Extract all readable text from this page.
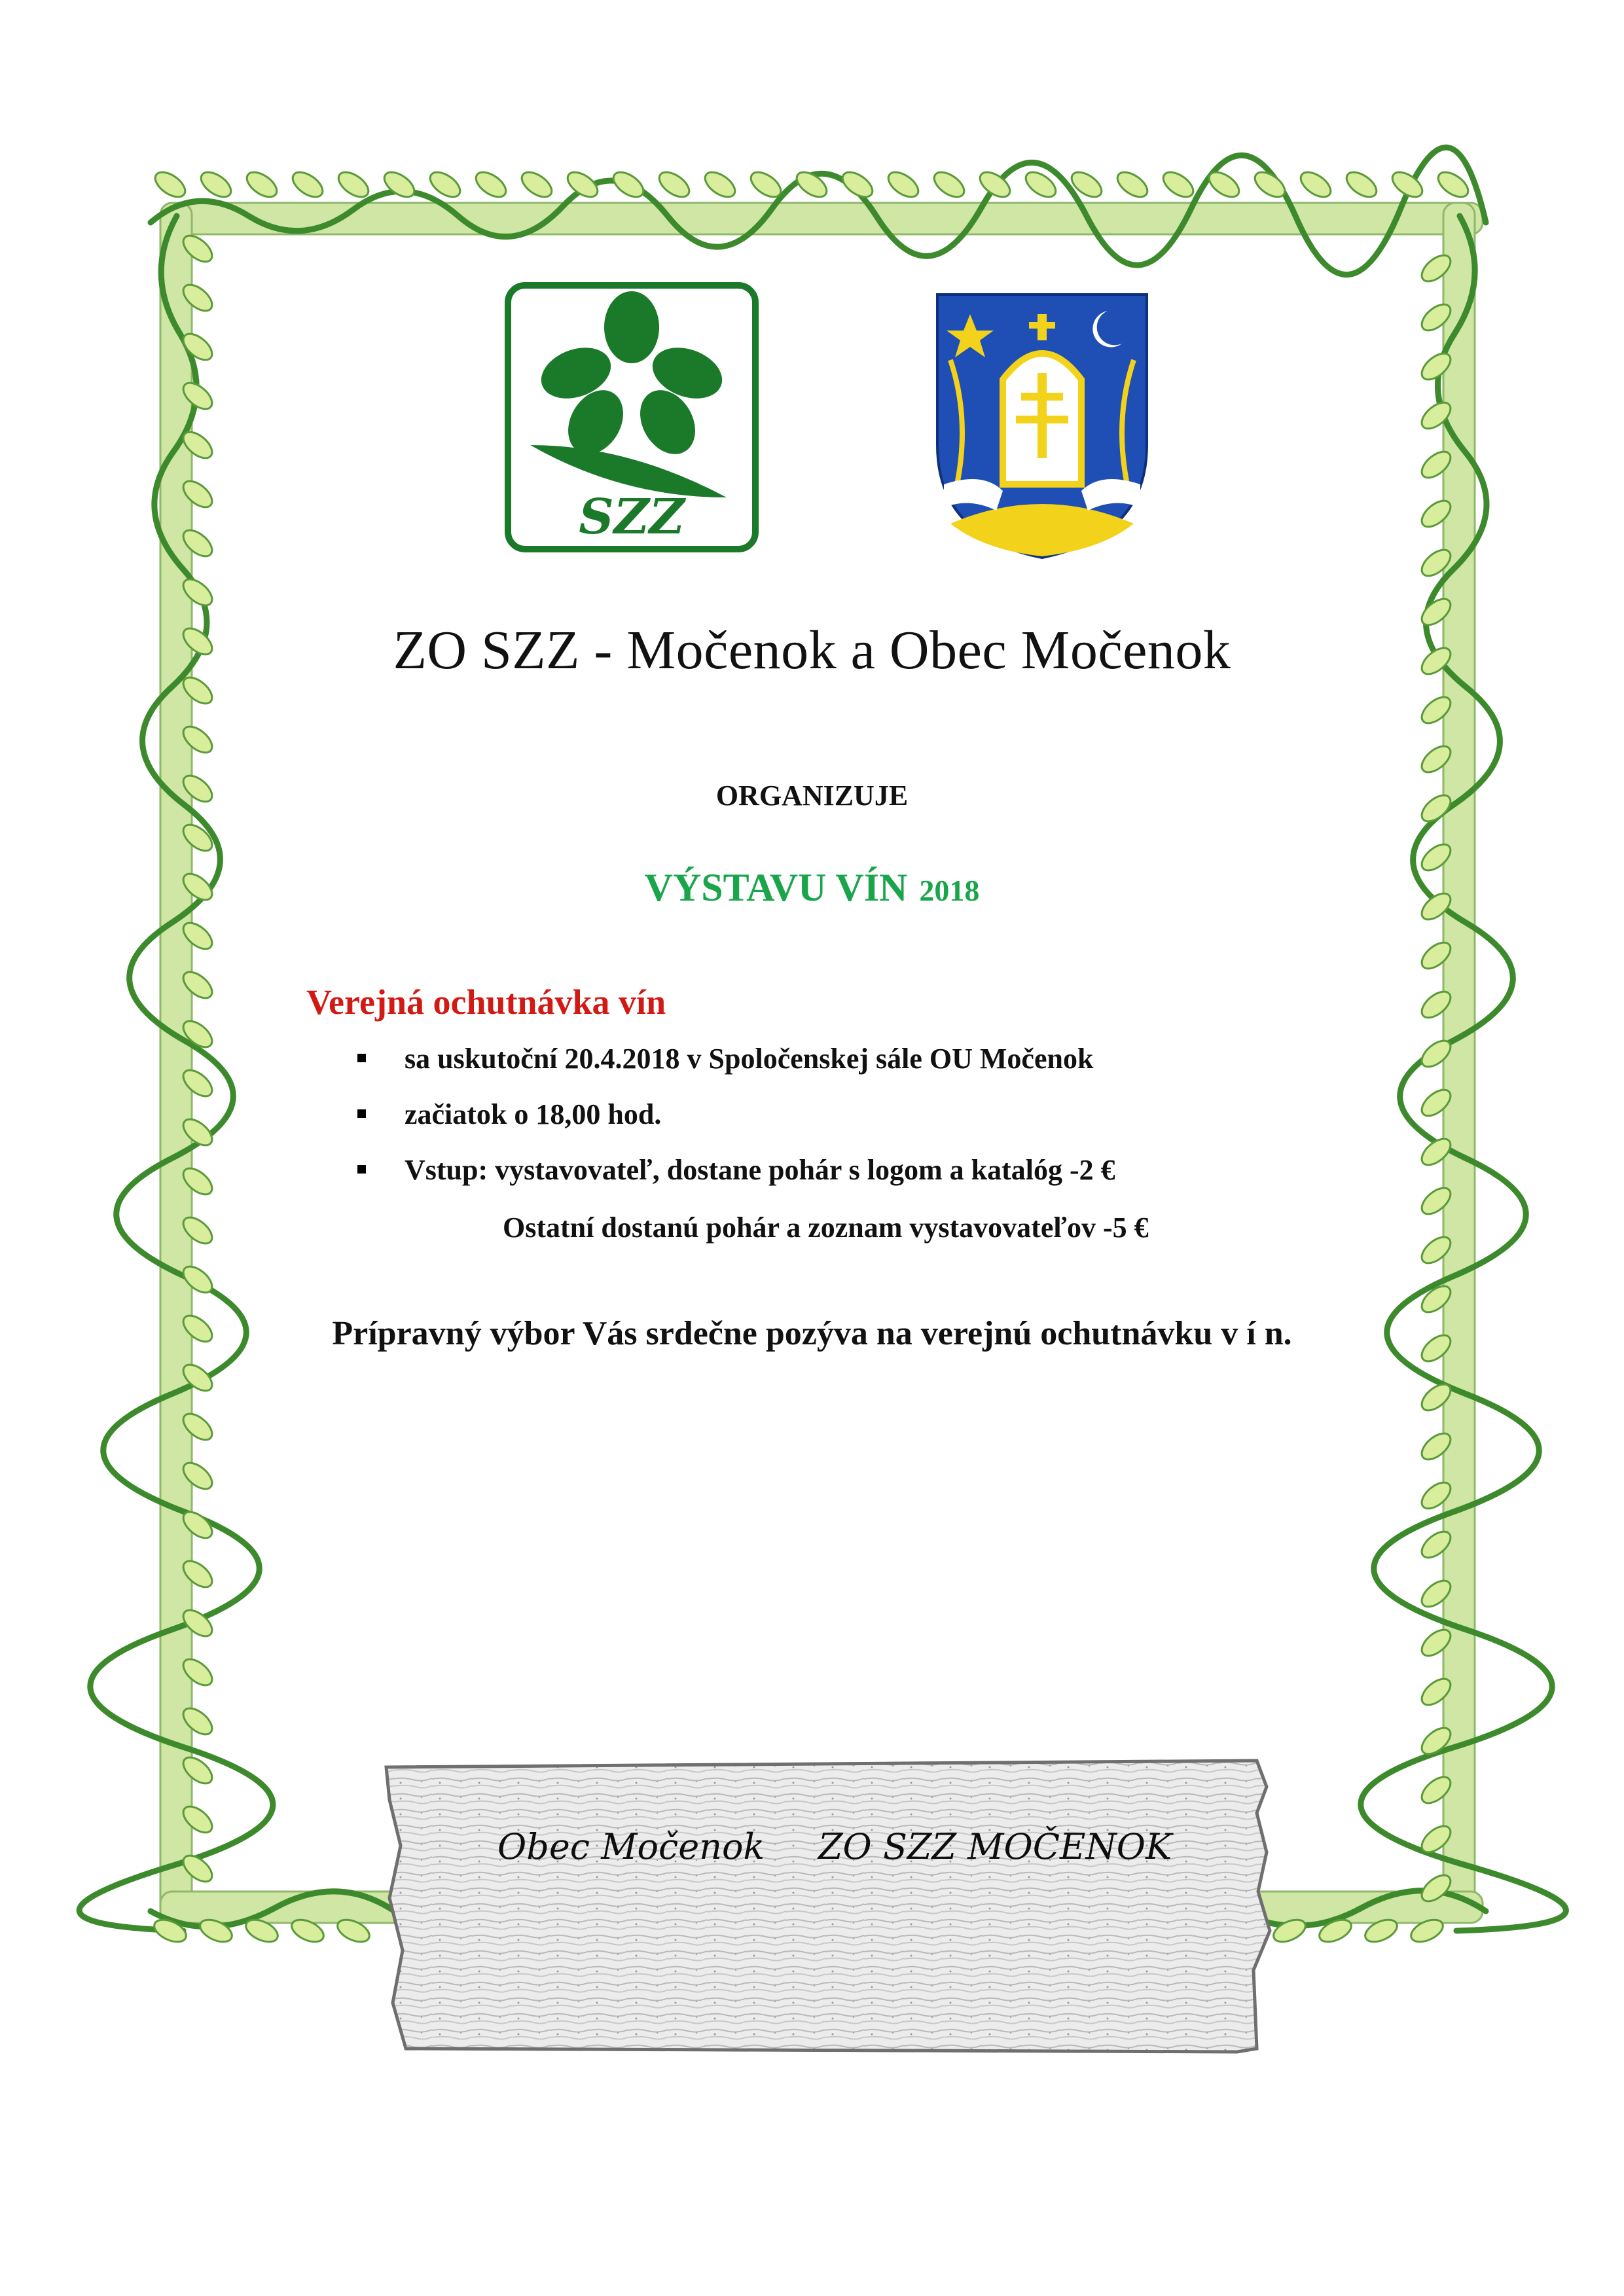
SZZ
ZO SZZ - Močenok a Obec Močenok
ORGANIZUJE
VÝSTAVU VÍN 2018
Verejná ochutnávka vín
sa uskutoční 20.4.2018 v Spoločenskej sále OU Močenok
začiatok o 18,00 hod.
Vstup: vystavovateľ, dostane pohár s logom a katalóg -2 €
Ostatní dostanú pohár a zoznam vystavovateľov -5 €
Prípravný výbor Vás srdečne pozýva na verejnú ochutnávku v í n.
Obec Močenok ZO SZZ MOČENOK
